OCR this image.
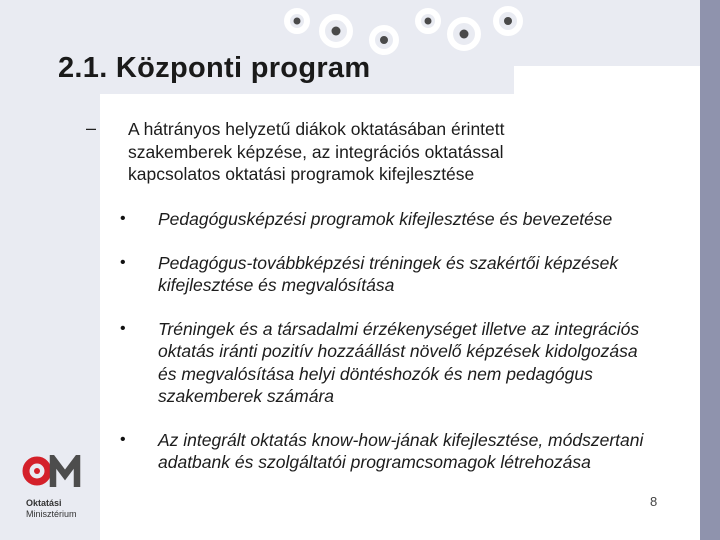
2.1. Központi program
– A hátrányos helyzetű diákok oktatásában érintett szakemberek képzése, az integrációs oktatással kapcsolatos oktatási programok kifejlesztése

• Pedagógusképzési programok kifejlesztése és bevezetése
• Pedagógus-továbbképzési tréningek és szakértői képzések kifejlesztése és megvalósítása
• Tréningek és a társadalmi érzékenységet illetve az integrációs oktatás iránti pozitív hozzáállást növelő képzések kidolgozása és megvalósítása helyi döntéshozók és nem pedagógus szakemberek számára
• Az integrált oktatás know-how-jának kifejlesztése, módszertani adatbank és szolgáltatói programcsomagok létrehozása
8
Oktatási
Minisztérium
